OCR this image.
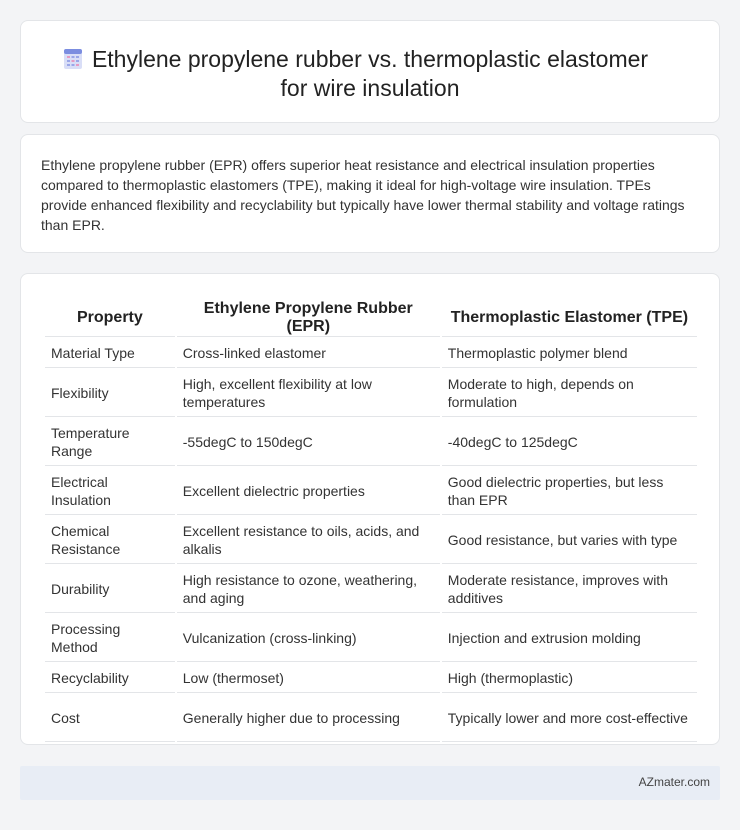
Ethylene propylene rubber vs. thermoplastic elastomer
for wire insulation

Ethylene propylene rubber (EPR) offers superior heat resistance and electrical insulation properties compared to thermoplastic elastomers (TPE), making it ideal for high-voltage wire insulation. TPEs provide enhanced flexibility and recyclability but typically have lower thermal stability and voltage ratings than EPR.

Property	Ethylene Propylene Rubber (EPR)	Thermoplastic Elastomer (TPE)
Material Type	Cross-linked elastomer	Thermoplastic polymer blend
Flexibility	High, excellent flexibility at low temperatures	Moderate to high, depends on formulation
Temperature Range	-55degC to 150degC	-40degC to 125degC
Electrical Insulation	Excellent dielectric properties	Good dielectric properties, but less than EPR
Chemical Resistance	Excellent resistance to oils, acids, and alkalis	Good resistance, but varies with type
Durability	High resistance to ozone, weathering, and aging	Moderate resistance, improves with additives
Processing Method	Vulcanization (cross-linking)	Injection and extrusion molding
Recyclability	Low (thermoset)	High (thermoplastic)
Cost	Generally higher due to processing	Typically lower and more cost-effective
AZmater.com
